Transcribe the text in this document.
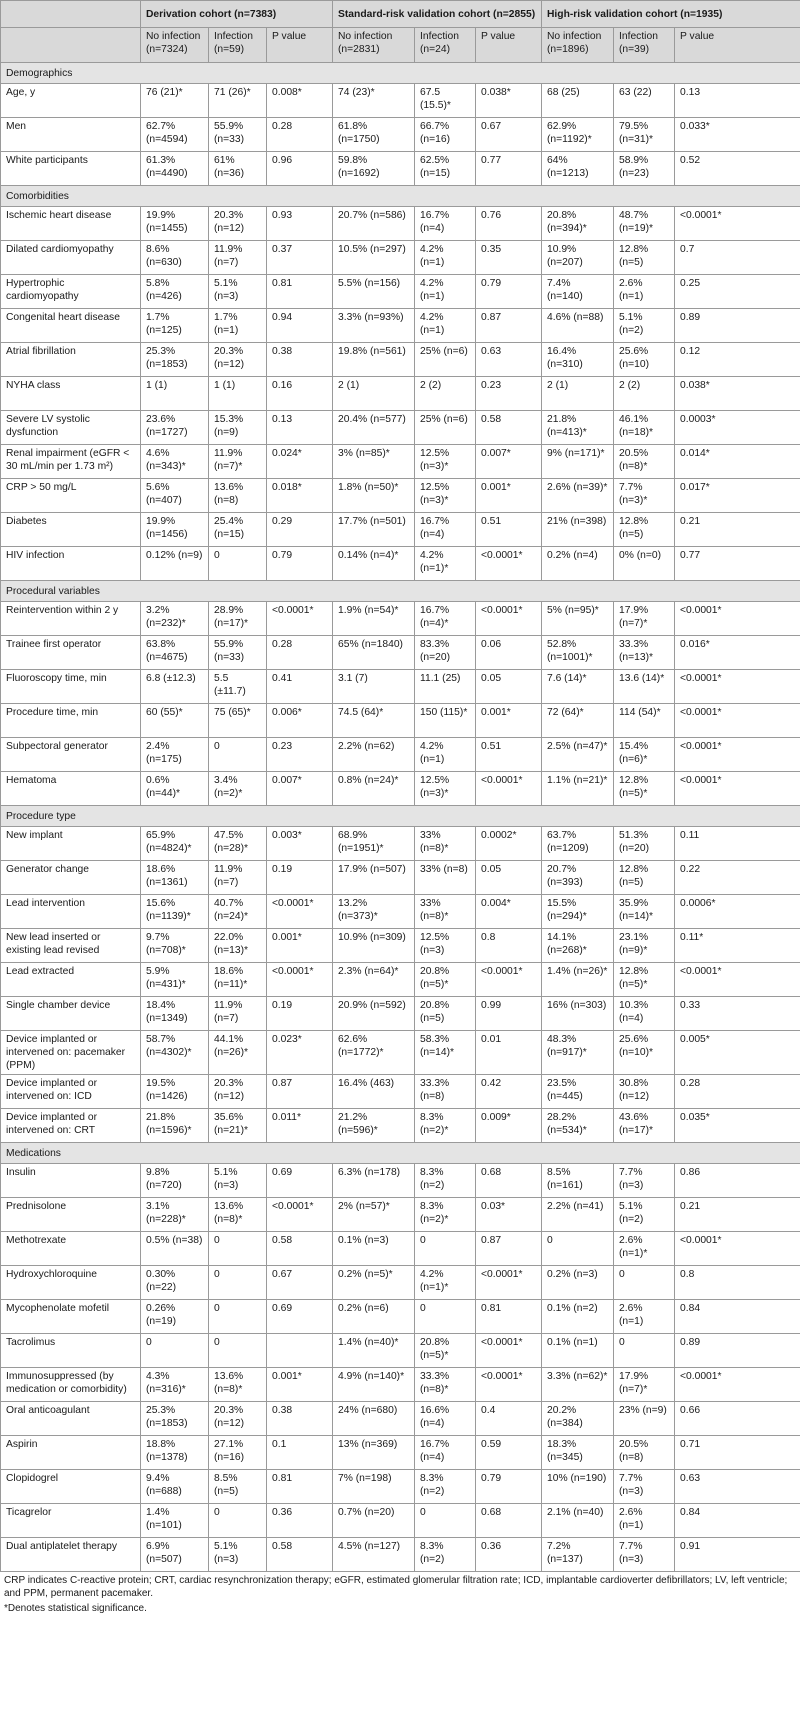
	Derivation cohort (n=7383)			Standard-risk validation cohort (n=2855)			High-risk validation cohort (n=1935)		
	No infection (n=7324)	Infection (n=59)	P value	No infection (n=2831)	Infection (n=24)	P value	No infection (n=1896)	Infection (n=39)	P value
Demographics									
Age, y	76 (21)*	71 (26)*	0.008*	74 (23)*	67.5 (15.5)*	0.038*	68 (25)	63 (22)	0.13
Men	62.7% (n=4594)	55.9% (n=33)	0.28	61.8% (n=1750)	66.7% (n=16)	0.67	62.9% (n=1192)*	79.5% (n=31)*	0.033*
White participants	61.3% (n=4490)	61% (n=36)	0.96	59.8% (n=1692)	62.5% (n=15)	0.77	64% (n=1213)	58.9% (n=23)	0.52
Comorbidities									
Ischemic heart disease	19.9% (n=1455)	20.3% (n=12)	0.93	20.7% (n=586)	16.7% (n=4)	0.76	20.8% (n=394)*	48.7% (n=19)*	<0.0001*
Dilated cardiomyopathy	8.6% (n=630)	11.9% (n=7)	0.37	10.5% (n=297)	4.2% (n=1)	0.35	10.9% (n=207)	12.8% (n=5)	0.7
Hypertrophic cardiomyopathy	5.8% (n=426)	5.1% (n=3)	0.81	5.5% (n=156)	4.2% (n=1)	0.79	7.4% (n=140)	2.6% (n=1)	0.25
Congenital heart disease	1.7% (n=125)	1.7% (n=1)	0.94	3.3% (n=93%)	4.2% (n=1)	0.87	4.6% (n=88)	5.1% (n=2)	0.89
Atrial fibrillation	25.3% (n=1853)	20.3% (n=12)	0.38	19.8% (n=561)	25% (n=6)	0.63	16.4% (n=310)	25.6% (n=10)	0.12
NYHA class	1 (1)	1 (1)	0.16	2 (1)	2 (2)	0.23	2 (1)	2 (2)	0.038*
Severe LV systolic dysfunction	23.6% (n=1727)	15.3% (n=9)	0.13	20.4% (n=577)	25% (n=6)	0.58	21.8% (n=413)*	46.1% (n=18)*	0.0003*
Renal impairment (eGFR < 30 mL/min per 1.73 m²)	4.6% (n=343)*	11.9% (n=7)*	0.024*	3% (n=85)*	12.5% (n=3)*	0.007*	9% (n=171)*	20.5% (n=8)*	0.014*
CRP > 50 mg/L	5.6% (n=407)	13.6% (n=8)	0.018*	1.8% (n=50)*	12.5% (n=3)*	0.001*	2.6% (n=39)*	7.7% (n=3)*	0.017*
Diabetes	19.9% (n=1456)	25.4% (n=15)	0.29	17.7% (n=501)	16.7% (n=4)	0.51	21% (n=398)	12.8% (n=5)	0.21
HIV infection	0.12% (n=9)	0	0.79	0.14% (n=4)*	4.2% (n=1)*	<0.0001*	0.2% (n=4)	0% (n=0)	0.77
Procedural variables									
Reintervention within 2 y	3.2% (n=232)*	28.9% (n=17)*	<0.0001*	1.9% (n=54)*	16.7% (n=4)*	<0.0001*	5% (n=95)*	17.9% (n=7)*	<0.0001*
Trainee first operator	63.8% (n=4675)	55.9% (n=33)	0.28	65% (n=1840)	83.3% (n=20)	0.06	52.8% (n=1001)*	33.3% (n=13)*	0.016*
Fluoroscopy time, min	6.8 (±12.3)	5.5 (±11.7)	0.41	3.1 (7)	11.1 (25)	0.05	7.6 (14)*	13.6 (14)*	<0.0001*
Procedure time, min	60 (55)*	75 (65)*	0.006*	74.5 (64)*	150 (115)*	0.001*	72 (64)*	114 (54)*	<0.0001*
Subpectoral generator	2.4% (n=175)	0	0.23	2.2% (n=62)	4.2% (n=1)	0.51	2.5% (n=47)*	15.4% (n=6)*	<0.0001*
Hematoma	0.6% (n=44)*	3.4% (n=2)*	0.007*	0.8% (n=24)*	12.5% (n=3)*	<0.0001*	1.1% (n=21)*	12.8% (n=5)*	<0.0001*
Procedure type									
New implant	65.9% (n=4824)*	47.5% (n=28)*	0.003*	68.9% (n=1951)*	33% (n=8)*	0.0002*	63.7% (n=1209)	51.3% (n=20)	0.11
Generator change	18.6% (n=1361)	11.9% (n=7)	0.19	17.9% (n=507)	33% (n=8)	0.05	20.7% (n=393)	12.8% (n=5)	0.22
Lead intervention	15.6% (n=1139)*	40.7% (n=24)*	<0.0001*	13.2% (n=373)*	33% (n=8)*	0.004*	15.5% (n=294)*	35.9% (n=14)*	0.0006*
New lead inserted or existing lead revised	9.7% (n=708)*	22.0% (n=13)*	0.001*	10.9% (n=309)	12.5% (n=3)	0.8	14.1% (n=268)*	23.1% (n=9)*	0.11*
Lead extracted	5.9% (n=431)*	18.6% (n=11)*	<0.0001*	2.3% (n=64)*	20.8% (n=5)*	<0.0001*	1.4% (n=26)*	12.8% (n=5)*	<0.0001*
Single chamber device	18.4% (n=1349)	11.9% (n=7)	0.19	20.9% (n=592)	20.8% (n=5)	0.99	16% (n=303)	10.3% (n=4)	0.33
Device implanted or intervened on: pacemaker (PPM)	58.7% (n=4302)*	44.1% (n=26)*	0.023*	62.6% (n=1772)*	58.3% (n=14)*	0.01	48.3% (n=917)*	25.6% (n=10)*	0.005*
Device implanted or intervened on: ICD	19.5% (n=1426)	20.3% (n=12)	0.87	16.4% (463)	33.3% (n=8)	0.42	23.5% (n=445)	30.8% (n=12)	0.28
Device implanted or intervened on: CRT	21.8% (n=1596)*	35.6% (n=21)*	0.011*	21.2% (n=596)*	8.3% (n=2)*	0.009*	28.2% (n=534)*	43.6% (n=17)*	0.035*
Medications									
Insulin	9.8% (n=720)	5.1% (n=3)	0.69	6.3% (n=178)	8.3% (n=2)	0.68	8.5% (n=161)	7.7% (n=3)	0.86
Prednisolone	3.1% (n=228)*	13.6% (n=8)*	<0.0001*	2% (n=57)*	8.3% (n=2)*	0.03*	2.2% (n=41)	5.1% (n=2)	0.21
Methotrexate	0.5% (n=38)	0	0.58	0.1% (n=3)	0	0.87	0	2.6% (n=1)*	<0.0001*
Hydroxychloroquine	0.30% (n=22)	0	0.67	0.2% (n=5)*	4.2% (n=1)*	<0.0001*	0.2% (n=3)	0	0.8
Mycophenolate mofetil	0.26% (n=19)	0	0.69	0.2% (n=6)	0	0.81	0.1% (n=2)	2.6% (n=1)	0.84
Tacrolimus	0	0		1.4% (n=40)*	20.8% (n=5)*	<0.0001*	0.1% (n=1)	0	0.89
Immunosuppressed (by medication or comorbidity)	4.3% (n=316)*	13.6% (n=8)*	0.001*	4.9% (n=140)*	33.3% (n=8)*	<0.0001*	3.3% (n=62)*	17.9% (n=7)*	<0.0001*
Oral anticoagulant	25.3% (n=1853)	20.3% (n=12)	0.38	24% (n=680)	16.6% (n=4)	0.4	20.2% (n=384)	23% (n=9)	0.66
Aspirin	18.8% (n=1378)	27.1% (n=16)	0.1	13% (n=369)	16.7% (n=4)	0.59	18.3% (n=345)	20.5% (n=8)	0.71
Clopidogrel	9.4% (n=688)	8.5% (n=5)	0.81	7% (n=198)	8.3% (n=2)	0.79	10% (n=190)	7.7% (n=3)	0.63
Ticagrelor	1.4% (n=101)	0	0.36	0.7% (n=20)	0	0.68	2.1% (n=40)	2.6% (n=1)	0.84
Dual antiplatelet therapy	6.9% (n=507)	5.1% (n=3)	0.58	4.5% (n=127)	8.3% (n=2)	0.36	7.2% (n=137)	7.7% (n=3)	0.91

CRP indicates C-reactive protein; CRT, cardiac resynchronization therapy; eGFR, estimated glomerular filtration rate; ICD, implantable cardioverter defibrillators; LV, left ventricle; and PPM, permanent pacemaker.

*Denotes statistical significance.
